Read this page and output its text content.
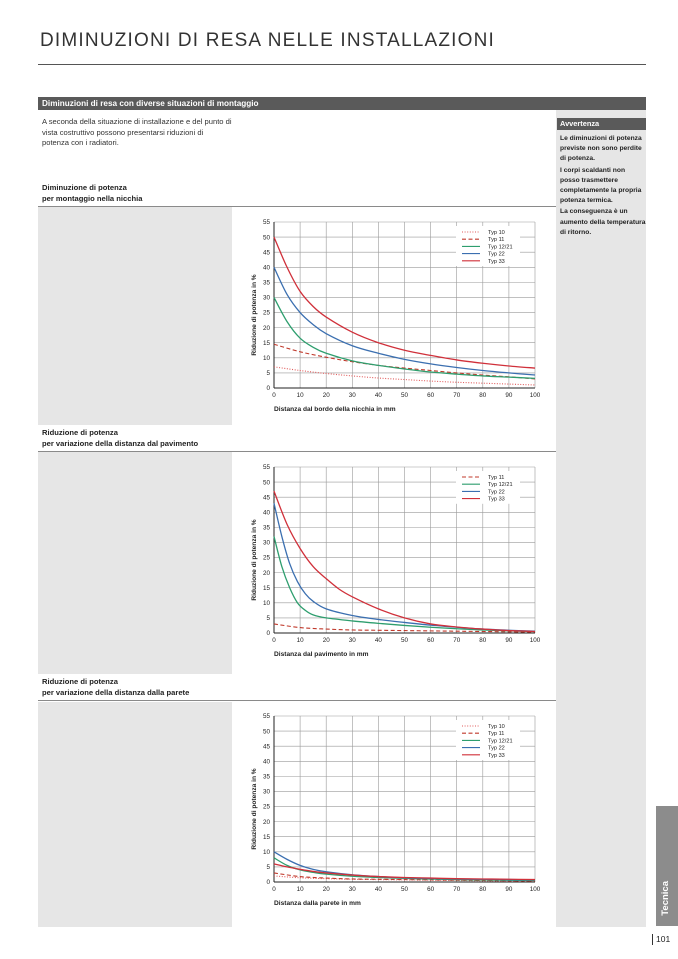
DIMINUZIONI DI RESA NELLE INSTALLAZIONI
Diminuzioni di resa con diverse situazioni di montaggio
A seconda della situazione di installazione e del punto di vista costruttivo possono presentarsi riduzioni di potenza con i radiatori.
Diminuzione di potenza
per montaggio nella nicchia
Riduzione di potenza
per variazione della distanza dal pavimento
Riduzione di potenza
per variazione della distanza dalla parete
Avvertenza

Le diminuzioni di potenza previste non sono perdite di potenza.

I corpi scaldanti non posso trasmettere completamente la propria potenza termica.

La conseguenza è un aumento della temperatura di ritorno.

0
5
10
15
20
25
30
35
40
45
50
55
0	10	20	30	40	50	60	70	80	90	100
Distanza dal bordo della nicchia in mm
Riduzione di potenza in %
Typ 10
Typ 11
Typ 12/21
Typ 22
Typ 33
0
5
10
15
20
25
30
35
40
45
50
55
0	10	20	30	40	50	60	70	80	90	100
Distanza dal pavimento in mm
Riduzione di potenza in %
Typ 11
Typ 12/21
Typ 22
Typ 33
0
5
10
15
20
25
30
35
40
45
50
55
0	10	20	30	40	50	60	70	80	90	100
Distanza dalla parete in mm
Riduzione di potenza in %
Typ 10
Typ 11
Typ 12/21
Typ 22
Typ 33
Tecnica
101
